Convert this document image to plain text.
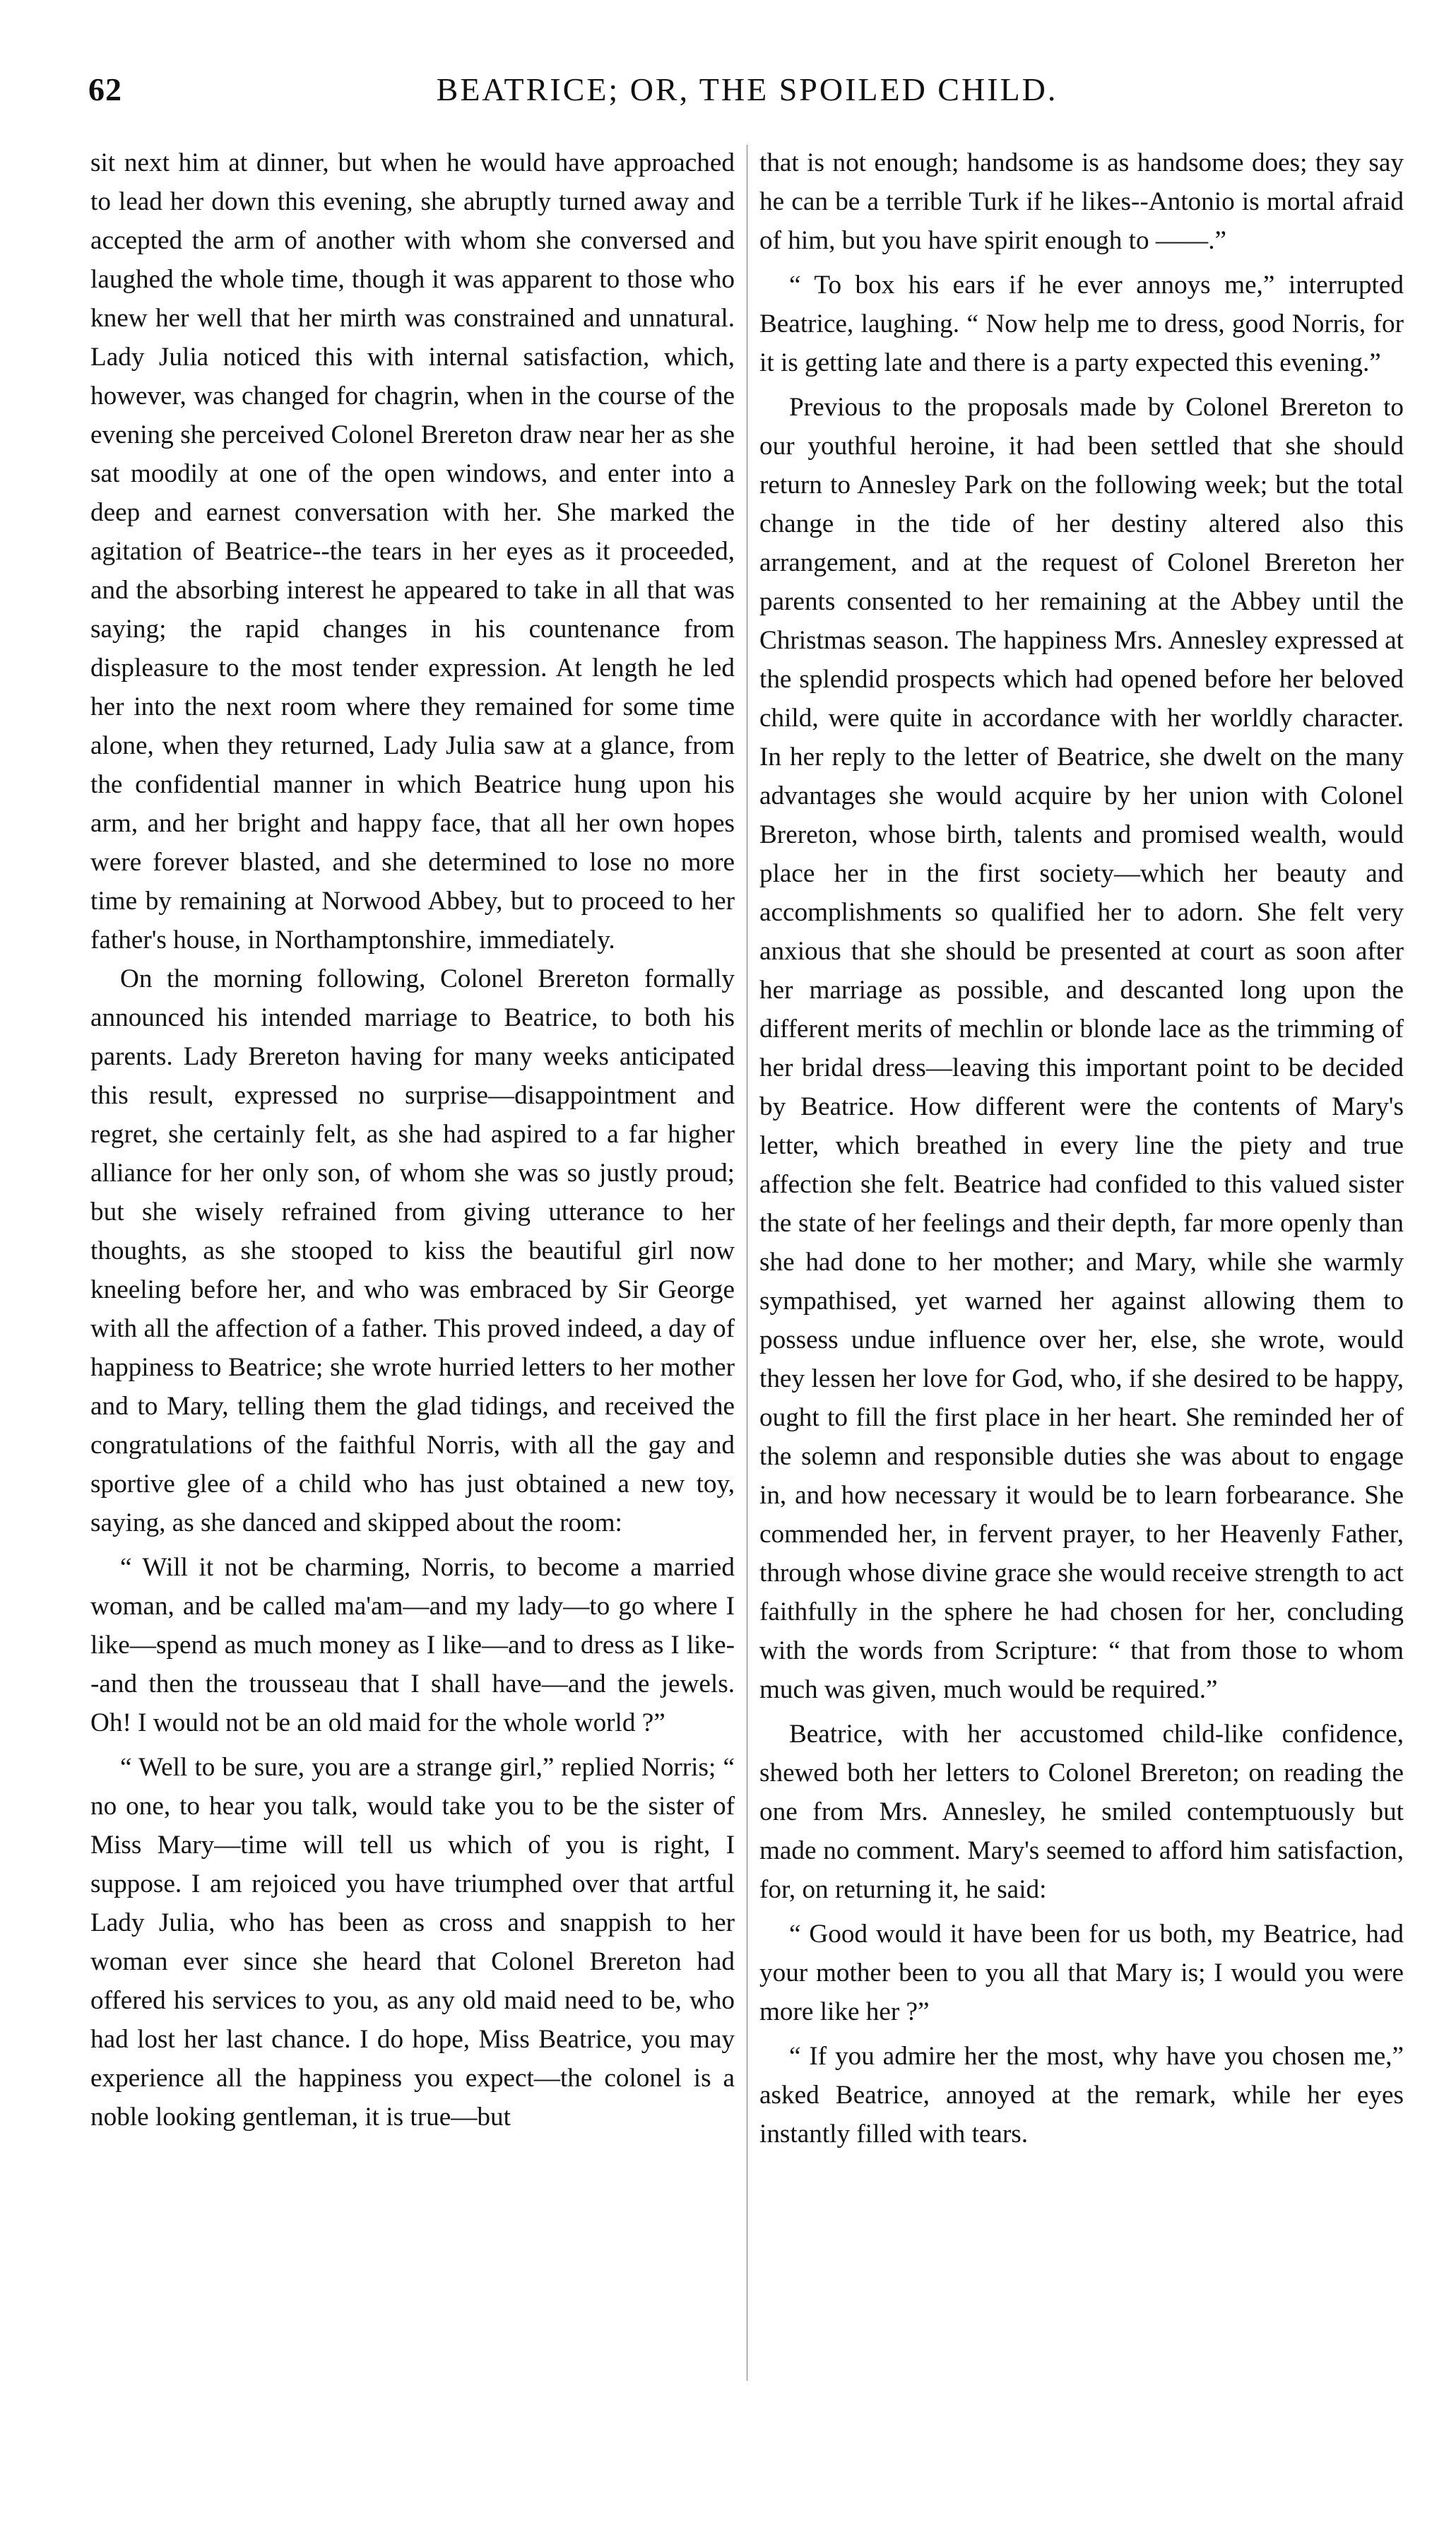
62	BEATRICE; OR, THE SPOILED CHILD.

sit next him at dinner, but when he would have approached to lead her down this evening, she abruptly turned away and accepted the arm of another with whom she conversed and laughed the whole time, though it was apparent to those who knew her well that her mirth was constrained and unnatural. Lady Julia noticed this with internal satisfaction, which, however, was changed for chagrin, when in the course of the evening she perceived Colonel Brereton draw near her as she sat moodily at one of the open windows, and enter into a deep and earnest conversation with her. She marked the agitation of Beatrice--the tears in her eyes as it proceeded, and the absorbing interest he appeared to take in all that was saying; the rapid changes in his countenance from displeasure to the most tender expression. At length he led her into the next room where they remained for some time alone, when they returned, Lady Julia saw at a glance, from the confidential manner in which Beatrice hung upon his arm, and her bright and happy face, that all her own hopes were forever blasted, and she determined to lose no more time by remaining at Norwood Abbey, but to proceed to her father's house, in Northamptonshire, immediately.

On the morning following, Colonel Brereton formally announced his intended marriage to Beatrice, to both his parents. Lady Brereton having for many weeks anticipated this result, expressed no surprise—disappointment and regret, she certainly felt, as she had aspired to a far higher alliance for her only son, of whom she was so justly proud; but she wisely refrained from giving utterance to her thoughts, as she stooped to kiss the beautiful girl now kneeling before her, and who was embraced by Sir George with all the affection of a father. This proved indeed, a day of happiness to Beatrice; she wrote hurried letters to her mother and to Mary, telling them the glad tidings, and received the congratulations of the faithful Norris, with all the gay and sportive glee of a child who has just obtained a new toy, saying, as she danced and skipped about the room:

“ Will it not be charming, Norris, to become a married woman, and be called ma'am—and my lady—to go where I like—spend as much money as I like—and to dress as I like--and then the trousseau that I shall have—and the jewels. Oh! I would not be an old maid for the whole world ?”

“ Well to be sure, you are a strange girl,” replied Norris; “ no one, to hear you talk, would take you to be the sister of Miss Mary—time will tell us which of you is right, I suppose. I am rejoiced you have triumphed over that artful Lady Julia, who has been as cross and snappish to her woman ever since she heard that Colonel Brereton had offered his services to you, as any old maid need to be, who had lost her last chance. I do hope, Miss Beatrice, you may experience all the happiness you expect—the colonel is a noble looking gentleman, it is true—but

that is not enough; handsome is as handsome does; they say he can be a terrible Turk if he likes--Antonio is mortal afraid of him, but you have spirit enough to ——.”

“ To box his ears if he ever annoys me,” interrupted Beatrice, laughing. “ Now help me to dress, good Norris, for it is getting late and there is a party expected this evening.”

Previous to the proposals made by Colonel Brereton to our youthful heroine, it had been settled that she should return to Annesley Park on the following week; but the total change in the tide of her destiny altered also this arrangement, and at the request of Colonel Brereton her parents consented to her remaining at the Abbey until the Christmas season. The happiness Mrs. Annesley expressed at the splendid prospects which had opened before her beloved child, were quite in accordance with her worldly character. In her reply to the letter of Beatrice, she dwelt on the many advantages she would acquire by her union with Colonel Brereton, whose birth, talents and promised wealth, would place her in the first society—which her beauty and accomplishments so qualified her to adorn. She felt very anxious that she should be presented at court as soon after her marriage as possible, and descanted long upon the different merits of mechlin or blonde lace as the trimming of her bridal dress—leaving this important point to be decided by Beatrice. How different were the contents of Mary's letter, which breathed in every line the piety and true affection she felt. Beatrice had confided to this valued sister the state of her feelings and their depth, far more openly than she had done to her mother; and Mary, while she warmly sympathised, yet warned her against allowing them to possess undue influence over her, else, she wrote, would they lessen her love for God, who, if she desired to be happy, ought to fill the first place in her heart. She reminded her of the solemn and responsible duties she was about to engage in, and how necessary it would be to learn forbearance. She commended her, in fervent prayer, to her Heavenly Father, through whose divine grace she would receive strength to act faithfully in the sphere he had chosen for her, concluding with the words from Scripture: “ that from those to whom much was given, much would be required.”

Beatrice, with her accustomed child-like confidence, shewed both her letters to Colonel Brereton; on reading the one from Mrs. Annesley, he smiled contemptuously but made no comment. Mary's seemed to afford him satisfaction, for, on returning it, he said:

“ Good would it have been for us both, my Beatrice, had your mother been to you all that Mary is; I would you were more like her ?”

“ If you admire her the most, why have you chosen me,” asked Beatrice, annoyed at the remark, while her eyes instantly filled with tears.
